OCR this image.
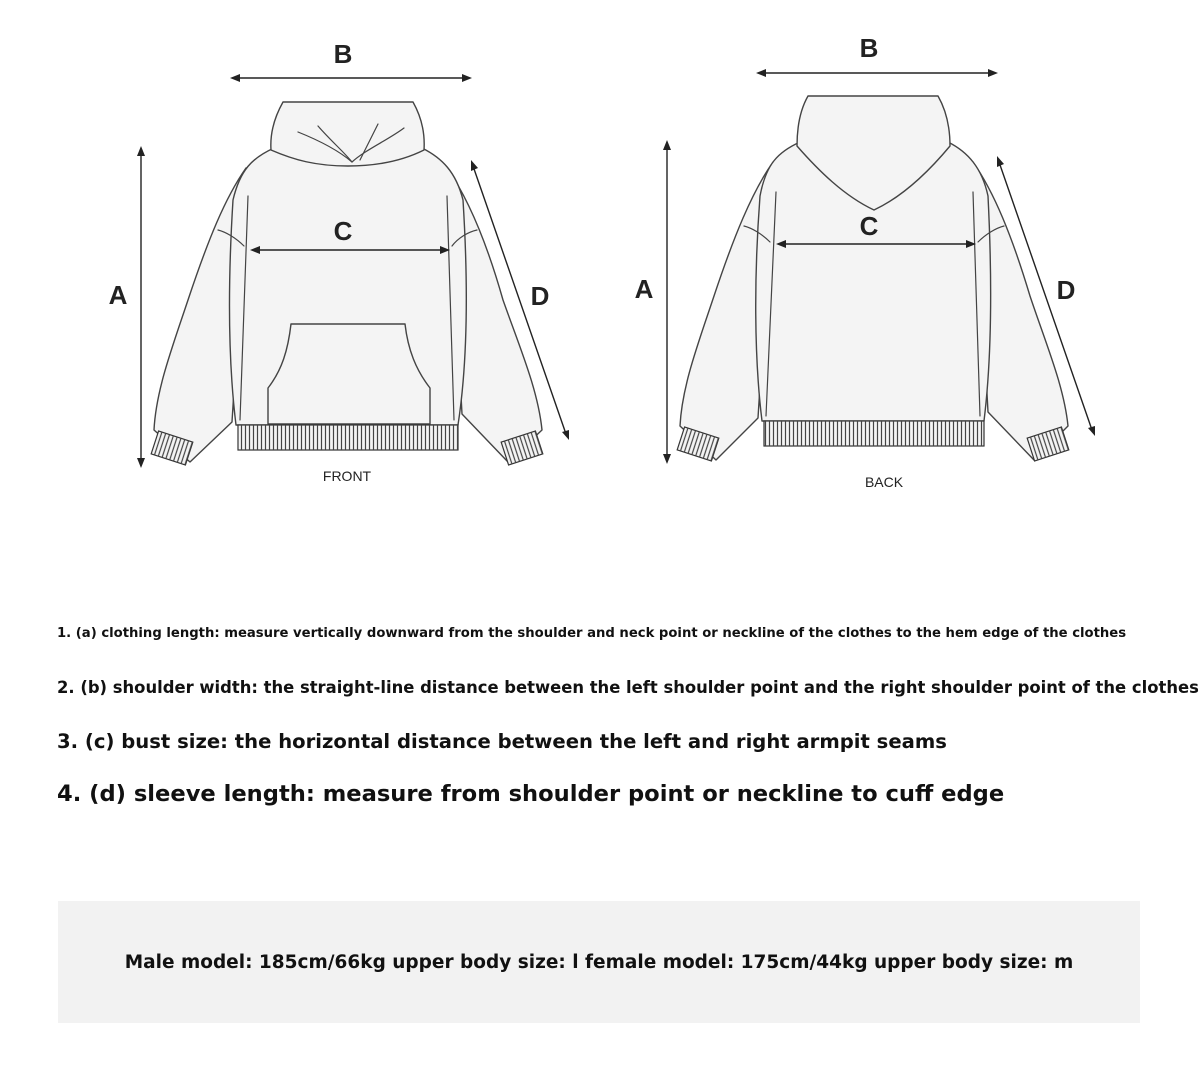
B
A
C
D
FRONT
B
A
C
D
BACK
1. (a) clothing length: measure vertically downward from the shoulder and neck point or neckline of the clothes to the hem edge of the clothes
2. (b) shoulder width: the straight-line distance between the left shoulder point and the right shoulder point of the clothes
3. (c) bust size: the horizontal distance between the left and right armpit seams
4. (d) sleeve length: measure from shoulder point or neckline to cuff edge
Male model: 185cm/66kg upper body size: l female model: 175cm/44kg upper body size: m
